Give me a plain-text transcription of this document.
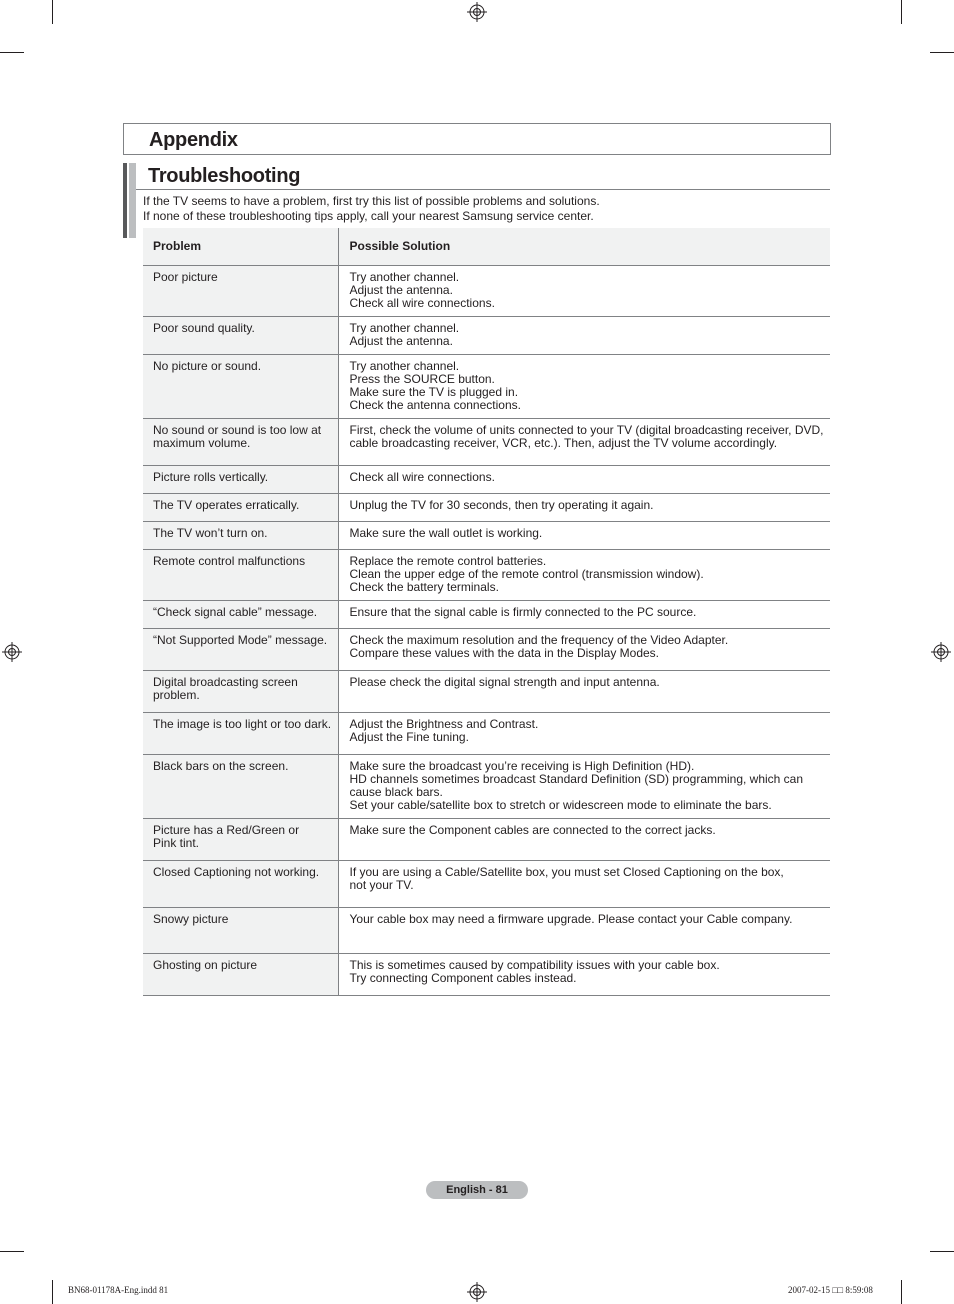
Appendix
Troubleshooting
If the TV seems to have a problem, first try this list of possible problems and solutions.
If none of these troubleshooting tips apply, call your nearest Samsung service center.
Problem	Possible Solution

Poor picture	Try another channel.
Adjust the antenna.
Check all wire connections.

Poor sound quality.	Try another channel.
Adjust the antenna.

No picture or sound.	Try another channel.
Press the SOURCE button.
Make sure the TV is plugged in.
Check the antenna connections.

No sound or sound is too low at
maximum volume.	First, check the volume of units connected to your TV (digital broadcasting receiver, DVD,
cable broadcasting receiver, VCR, etc.). Then, adjust the TV volume accordingly.

Picture rolls vertically.	Check all wire connections.

The TV operates erratically.	Unplug the TV for 30 seconds, then try operating it again.

The TV won’t turn on.	Make sure the wall outlet is working.

Remote control malfunctions	Replace the remote control batteries.
Clean the upper edge of the remote control (transmission window).
Check the battery terminals.

“Check signal cable” message.	Ensure that the signal cable is firmly connected to the PC source.

“Not Supported Mode” message.	Check the maximum resolution and the frequency of the Video Adapter.
Compare these values with the data in the Display Modes.

Digital broadcasting screen
problem.	Please check the digital signal strength and input antenna.

The image is too light or too dark.	Adjust the Brightness and Contrast.
Adjust the Fine tuning.

Black bars on the screen.	Make sure the broadcast you’re receiving is High Definition (HD).
HD channels sometimes broadcast Standard Definition (SD) programming, which can
cause black bars.
Set your cable/satellite box to stretch or widescreen mode to eliminate the bars.

Picture has a Red/Green or
Pink tint.	Make sure the Component cables are connected to the correct jacks.

Closed Captioning not working.	If you are using a Cable/Satellite box, you must set Closed Captioning on the box,
not your TV.

Snowy picture	Your cable box may need a firmware upgrade. Please contact your Cable company.

Ghosting on picture	This is sometimes caused by compatibility issues with your cable box.
Try connecting Component cables instead.
English - 81
BN68-01178A-Eng.indd 81	2007-02-15 □□ 8:59:08
